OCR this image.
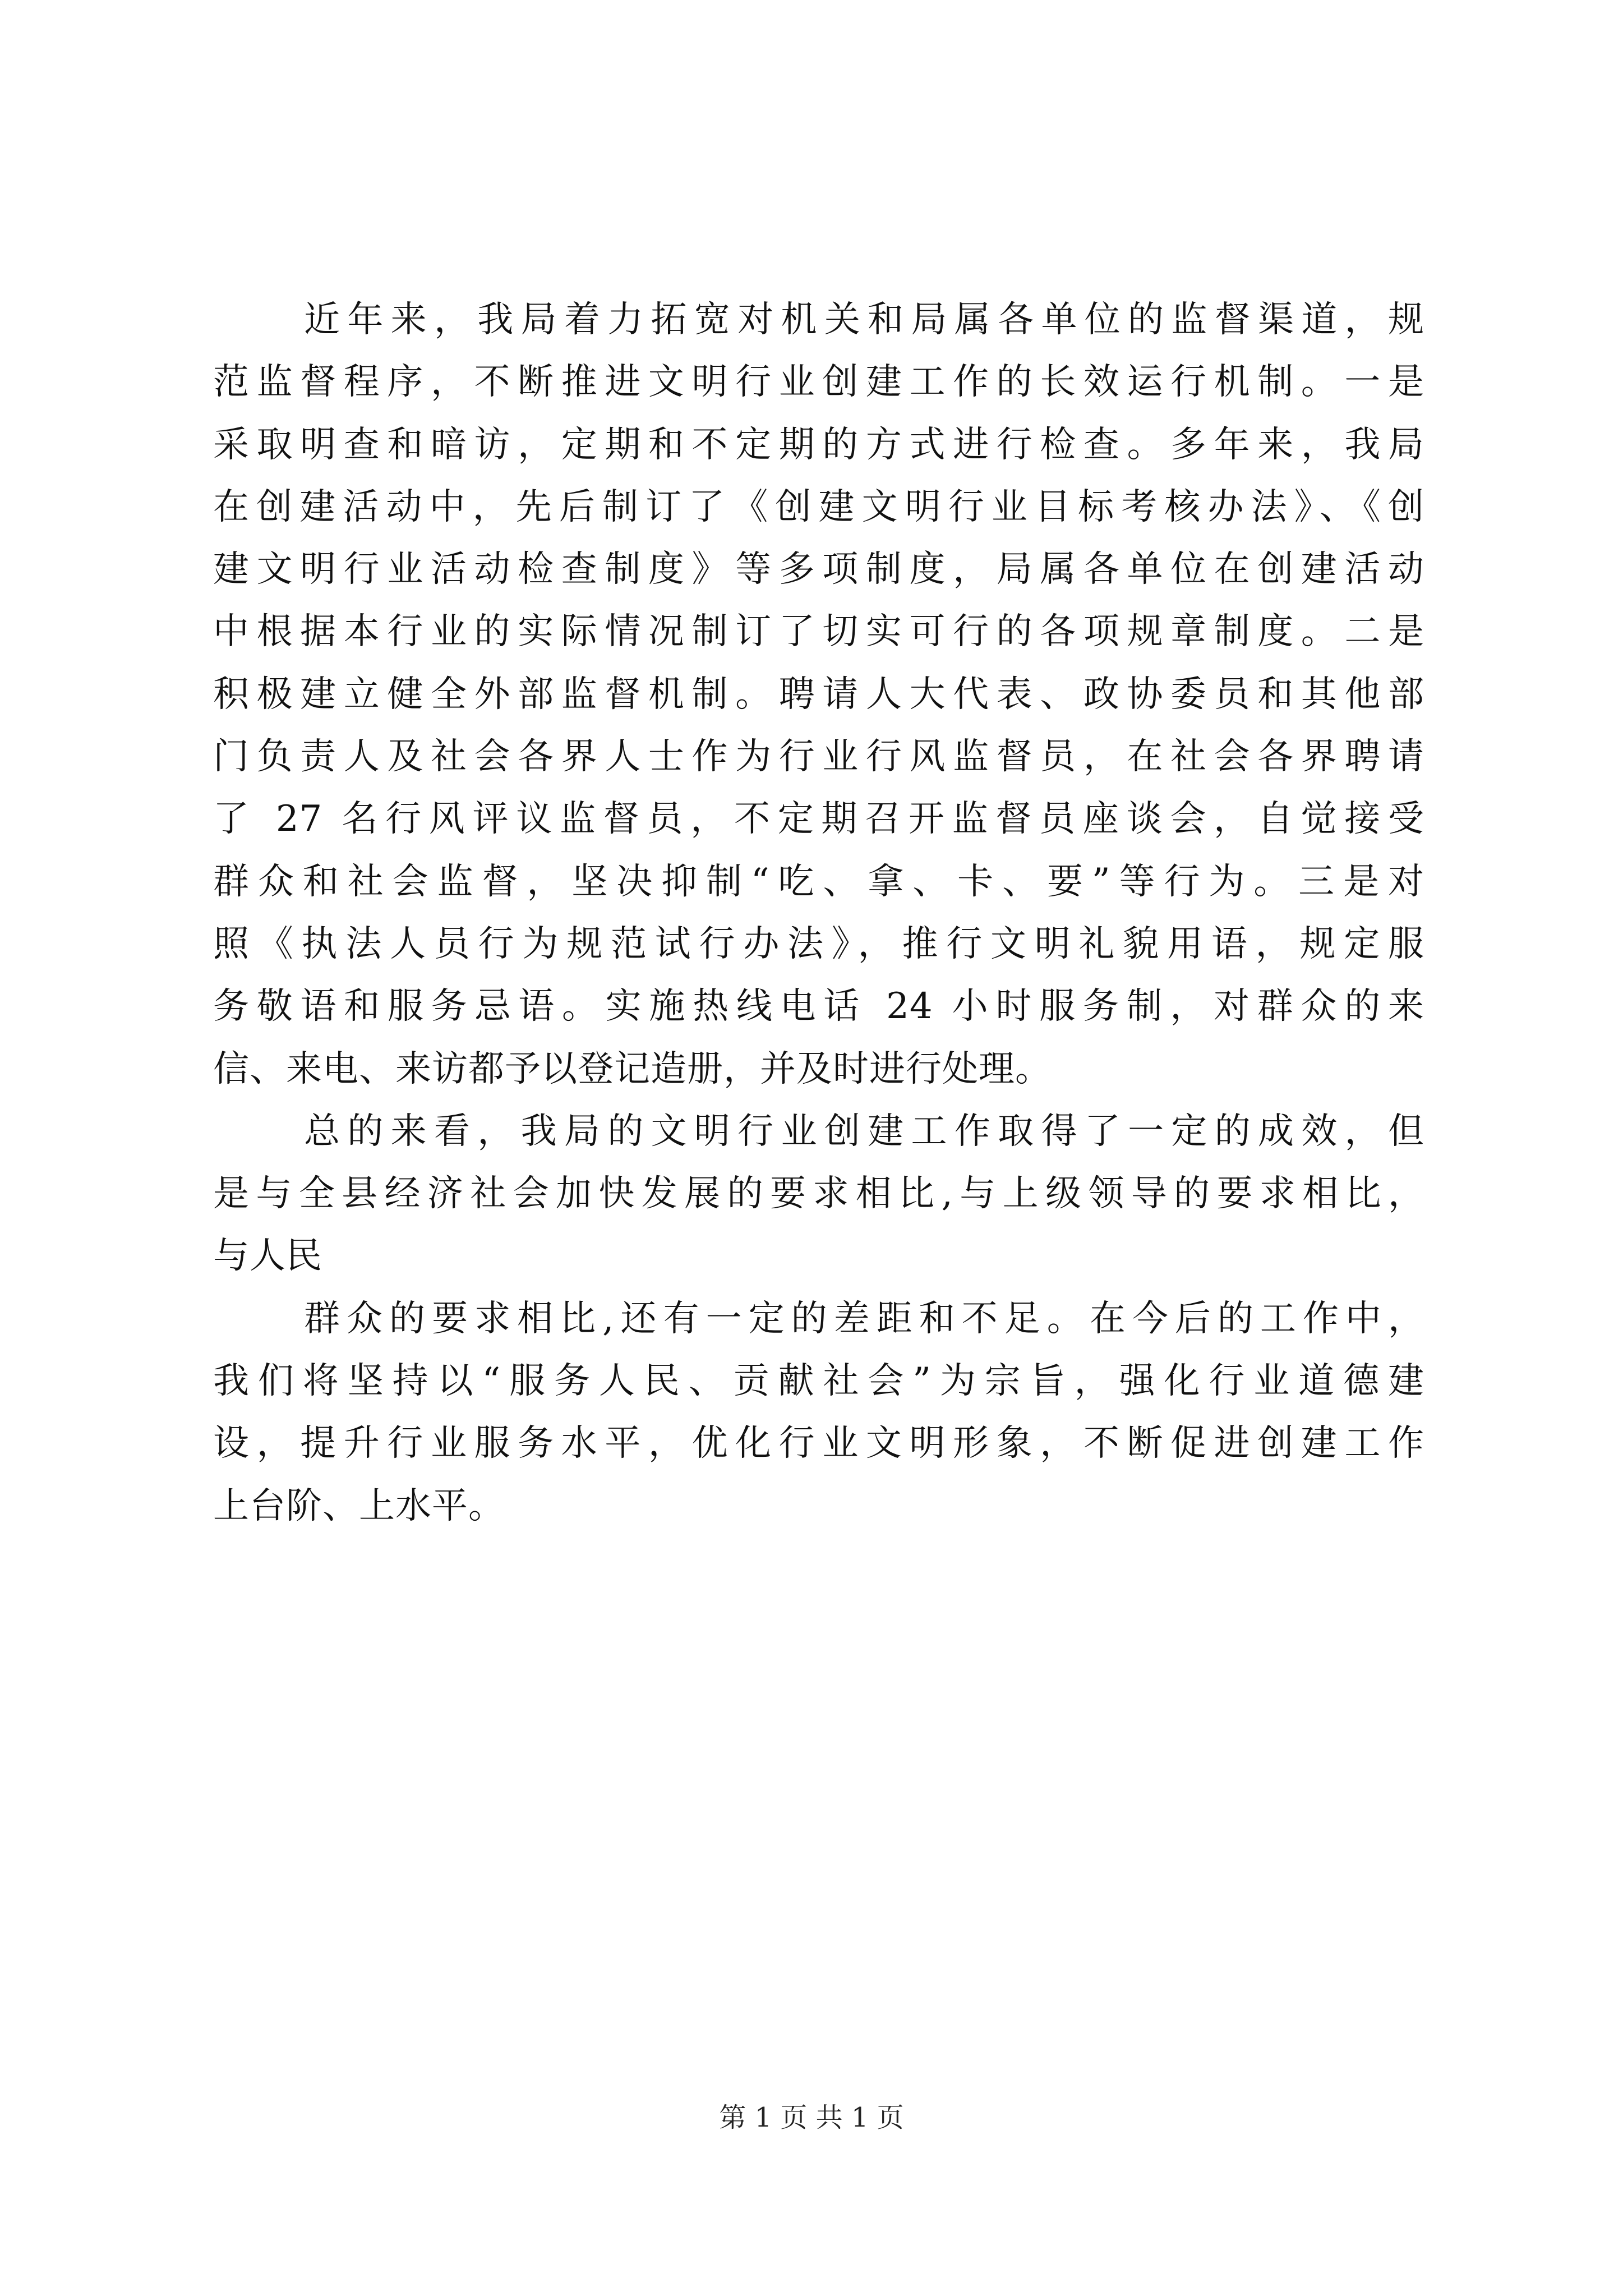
近年来，我局着力拓宽对机关和局属各单位的监督渠道，规
范监督程序，不断推进文明行业创建工作的长效运行机制。一是
采取明查和暗访，定期和不定期的方式进行检查。多年来，我局
在创建活动中，先后制订了《创建文明行业目标考核办法》、《创
建文明行业活动检查制度》等多项制度，局属各单位在创建活动
中根据本行业的实际情况制订了切实可行的各项规章制度。二是
积极建立健全外部监督机制。聘请人大代表、政协委员和其他部
门负责人及社会各界人士作为行业行风监督员，在社会各界聘请
了 27 名行风评议监督员，不定期召开监督员座谈会，自觉接受
群众和社会监督，坚决抑制“吃、拿、卡、要”等行为。三是对
照《执法人员行为规范试行办法》，推行文明礼貌用语，规定服
务敬语和服务忌语。实施热线电话 24 小时服务制，对群众的来
信、来电、来访都予以登记造册，并及时进行处理。

总的来看，我局的文明行业创建工作取得了一定的成效，但
是与全县经济社会加快发展的要求相比,与上级领导的要求相比，
与人民

群众的要求相比,还有一定的差距和不足。在今后的工作中，
我们将坚持以“服务人民、贡献社会”为宗旨，强化行业道德建
设，提升行业服务水平，优化行业文明形象，不断促进创建工作
上台阶、上水平。

第 1 页 共 1 页
